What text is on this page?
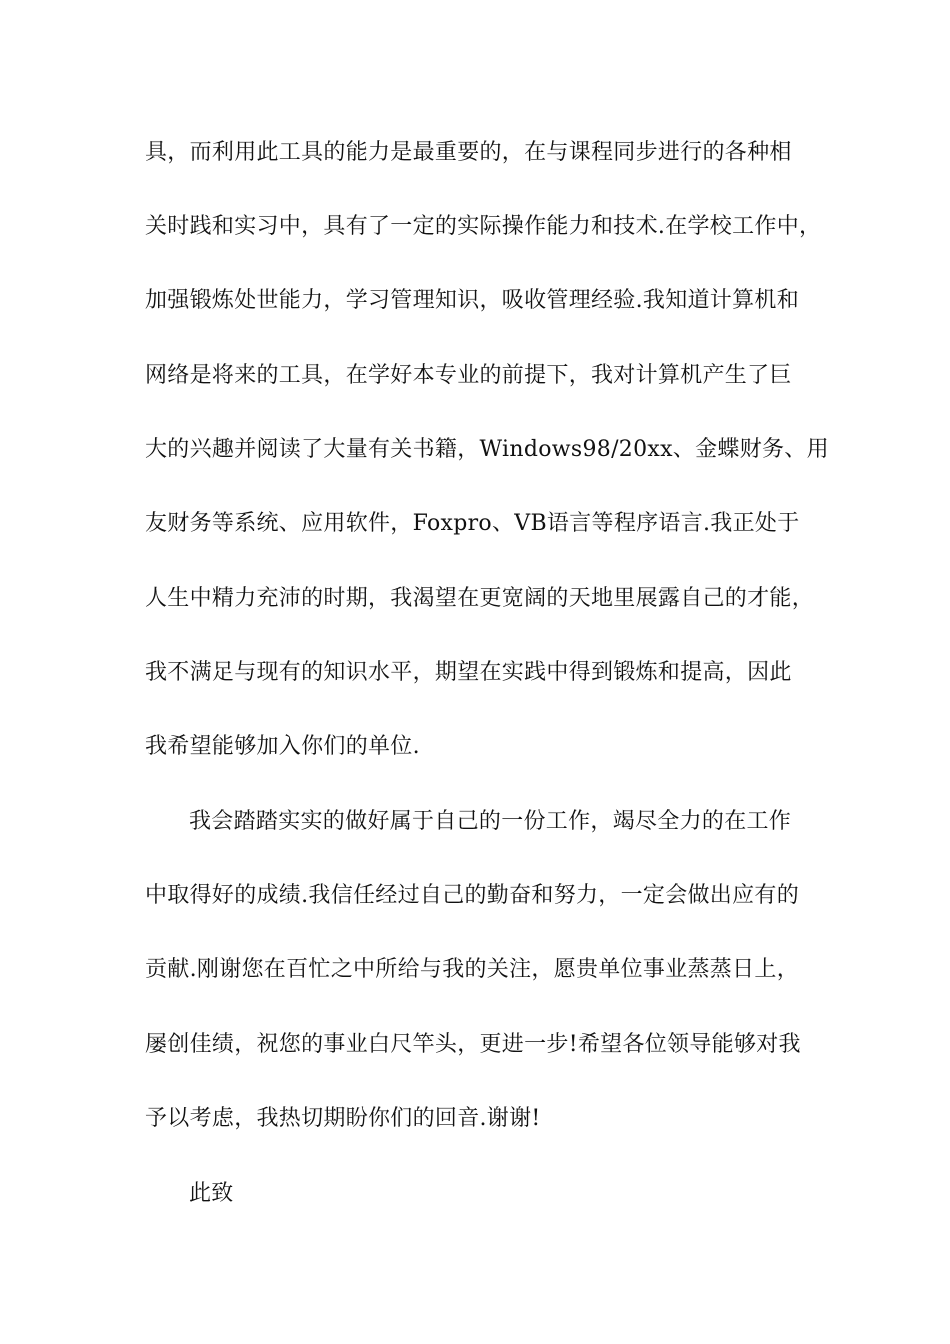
具，而利用此工具的能力是最重要的，在与课程同步进行的各种相
关时践和实习中，具有了一定的实际操作能力和技术.在学校工作中，
加强锻炼处世能力，学习管理知识，吸收管理经验.我知道计算机和
网络是将来的工具，在学好本专业的前提下，我对计算机产生了巨
大的兴趣并阅读了大量有关书籍，Windows98/20xx、金蝶财务、用
友财务等系统、应用软件，Foxpro、VB语言等程序语言.我正处于
人生中精力充沛的时期，我渴望在更宽阔的天地里展露自己的才能，
我不满足与现有的知识水平，期望在实践中得到锻炼和提高，因此
我希望能够加入你们的单位.
我会踏踏实实的做好属于自己的一份工作，竭尽全力的在工作
中取得好的成绩.我信任经过自己的勤奋和努力，一定会做出应有的
贡献.刚谢您在百忙之中所给与我的关注，愿贵单位事业蒸蒸日上，
屡创佳绩，祝您的事业白尺竿头，更进一步!希望各位领导能够对我
予以考虑，我热切期盼你们的回音.谢谢!
此致
